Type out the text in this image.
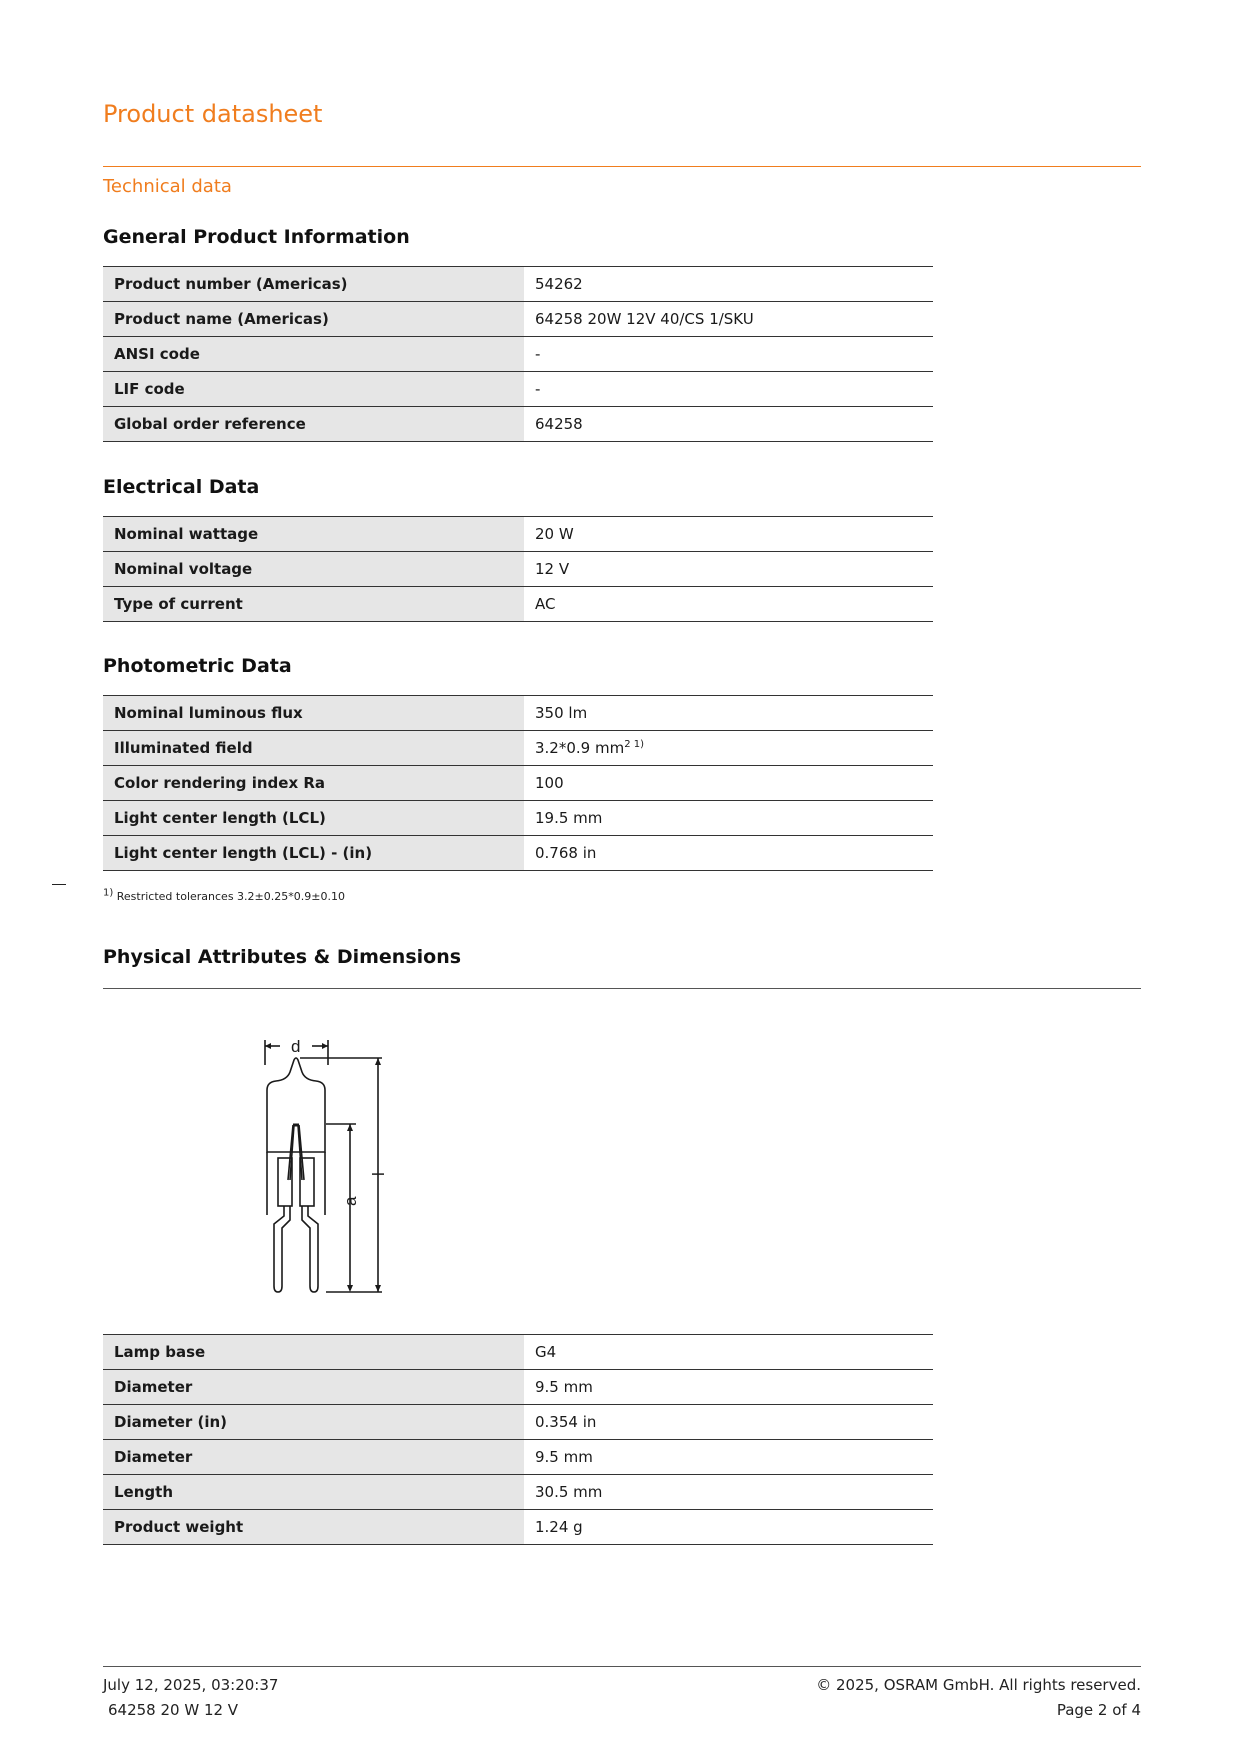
Product datasheet
Technical data
General Product Information
Product number (Americas)	54262
Product name (Americas)	64258 20W 12V 40/CS 1/SKU
ANSI code	-
LIF code	-
Global order reference	64258
Electrical Data
Nominal wattage	20 W
Nominal voltage	12 V
Type of current	AC
Photometric Data
Nominal luminous flux	350 lm
Illuminated field	3.2*0.9 $mm^{2 1)}$
Color rendering index Ra	100
Light center length (LCL)	19.5 mm
Light center length (LCL) - (in)	0.768 in
$^{1)}$ Restricted tolerances 3.2±0.25*0.9±0.10
Physical Attributes & Dimensions
d
a
l
Lamp base	G4
Diameter	9.5 mm
Diameter (in)	0.354 in
Diameter	9.5 mm
Length	30.5 mm
Product weight	1.24 g
July 12, 2025, 03:20:37
64258 20 W 12 V
© 2025, OSRAM GmbH. All rights reserved.
Page 2 of 4
